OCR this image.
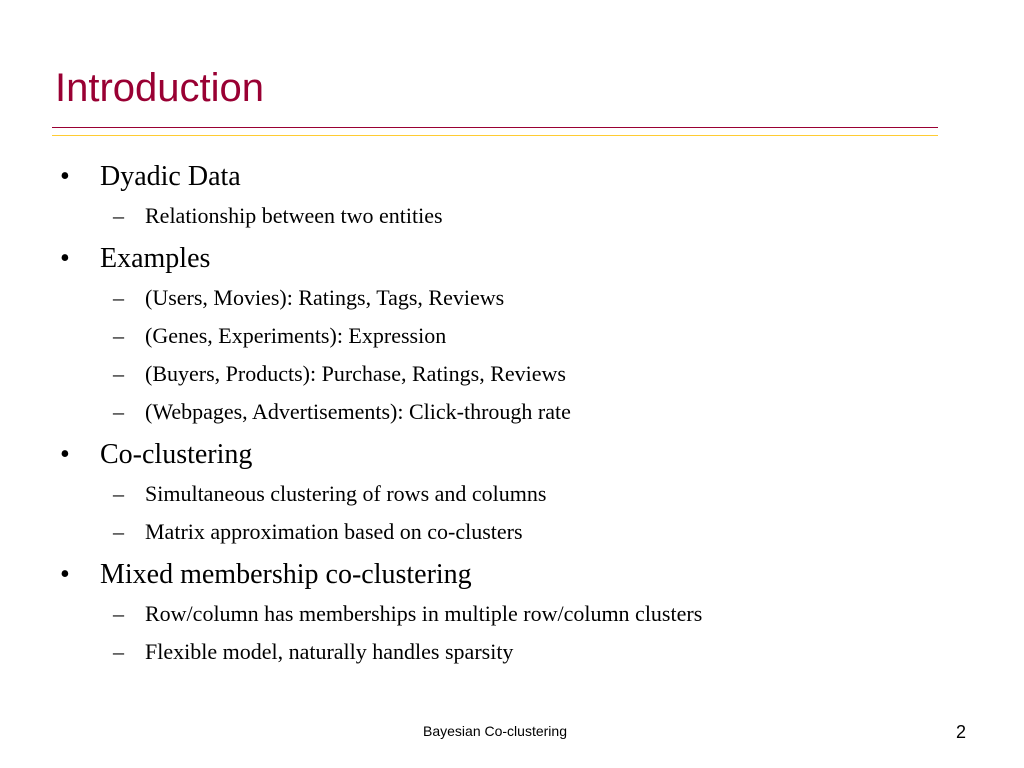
Introduction
• Dyadic Data
– Relationship between two entities
• Examples
– (Users, Movies): Ratings, Tags, Reviews
– (Genes, Experiments): Expression
– (Buyers, Products): Purchase, Ratings, Reviews
– (Webpages, Advertisements): Click-through rate
• Co-clustering
– Simultaneous clustering of rows and columns
– Matrix approximation based on co-clusters
• Mixed membership co-clustering
– Row/column has memberships in multiple row/column clusters
– Flexible model, naturally handles sparsity
Bayesian Co-clustering	2
